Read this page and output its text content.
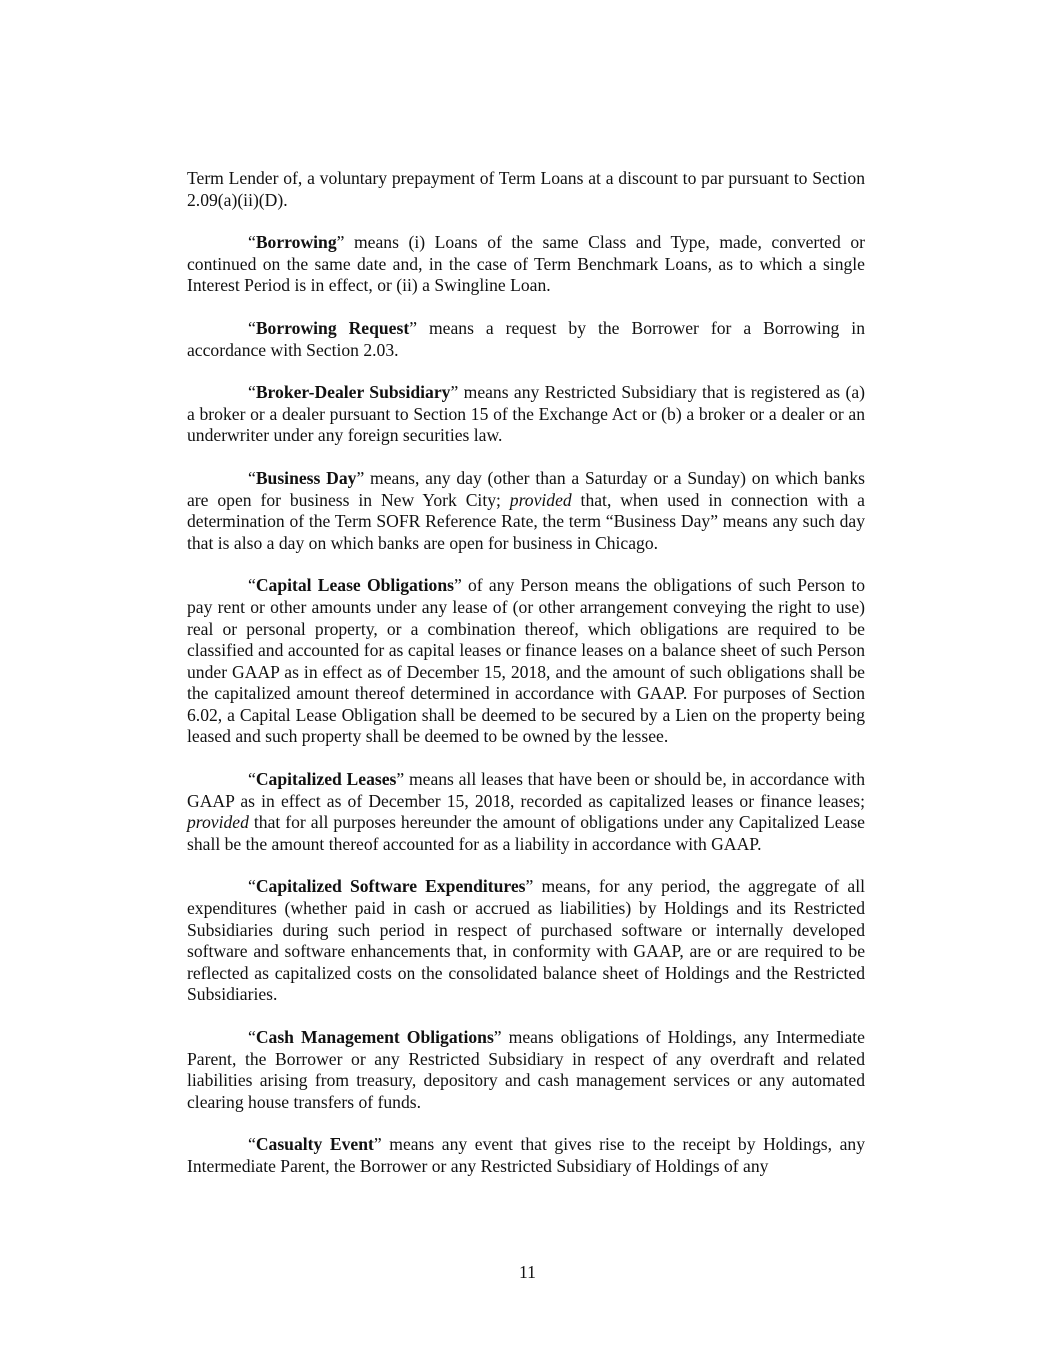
Term Lender of, a voluntary prepayment of Term Loans at a discount to par pursuant to Section 2.09(a)(ii)(D).

“Borrowing” means (i) Loans of the same Class and Type, made, converted or continued on the same date and, in the case of Term Benchmark Loans, as to which a single Interest Period is in effect, or (ii) a Swingline Loan.

“Borrowing Request” means a request by the Borrower for a Borrowing in accordance with Section 2.03.

“Broker-Dealer Subsidiary” means any Restricted Subsidiary that is registered as (a) a broker or a dealer pursuant to Section 15 of the Exchange Act or (b) a broker or a dealer or an underwriter under any foreign securities law.

“Business Day” means, any day (other than a Saturday or a Sunday) on which banks are open for business in New York City; provided that, when used in connection with a determination of the Term SOFR Reference Rate, the term “Business Day” means any such day that is also a day on which banks are open for business in Chicago.

“Capital Lease Obligations” of any Person means the obligations of such Person to pay rent or other amounts under any lease of (or other arrangement conveying the right to use) real or personal property, or a combination thereof, which obligations are required to be classified and accounted for as capital leases or finance leases on a balance sheet of such Person under GAAP as in effect as of December 15, 2018, and the amount of such obligations shall be the capitalized amount thereof determined in accordance with GAAP. For purposes of Section 6.02, a Capital Lease Obligation shall be deemed to be secured by a Lien on the property being leased and such property shall be deemed to be owned by the lessee.

“Capitalized Leases” means all leases that have been or should be, in accordance with GAAP as in effect as of December 15, 2018, recorded as capitalized leases or finance leases; provided that for all purposes hereunder the amount of obligations under any Capitalized Lease shall be the amount thereof accounted for as a liability in accordance with GAAP.

“Capitalized Software Expenditures” means, for any period, the aggregate of all expenditures (whether paid in cash or accrued as liabilities) by Holdings and its Restricted Subsidiaries during such period in respect of purchased software or internally developed software and software enhancements that, in conformity with GAAP, are or are required to be reflected as capitalized costs on the consolidated balance sheet of Holdings and the Restricted Subsidiaries.

“Cash Management Obligations” means obligations of Holdings, any Intermediate Parent, the Borrower or any Restricted Subsidiary in respect of any overdraft and related liabilities arising from treasury, depository and cash management services or any automated clearing house transfers of funds.

“Casualty Event” means any event that gives rise to the receipt by Holdings, any Intermediate Parent, the Borrower or any Restricted Subsidiary of Holdings of any

11
